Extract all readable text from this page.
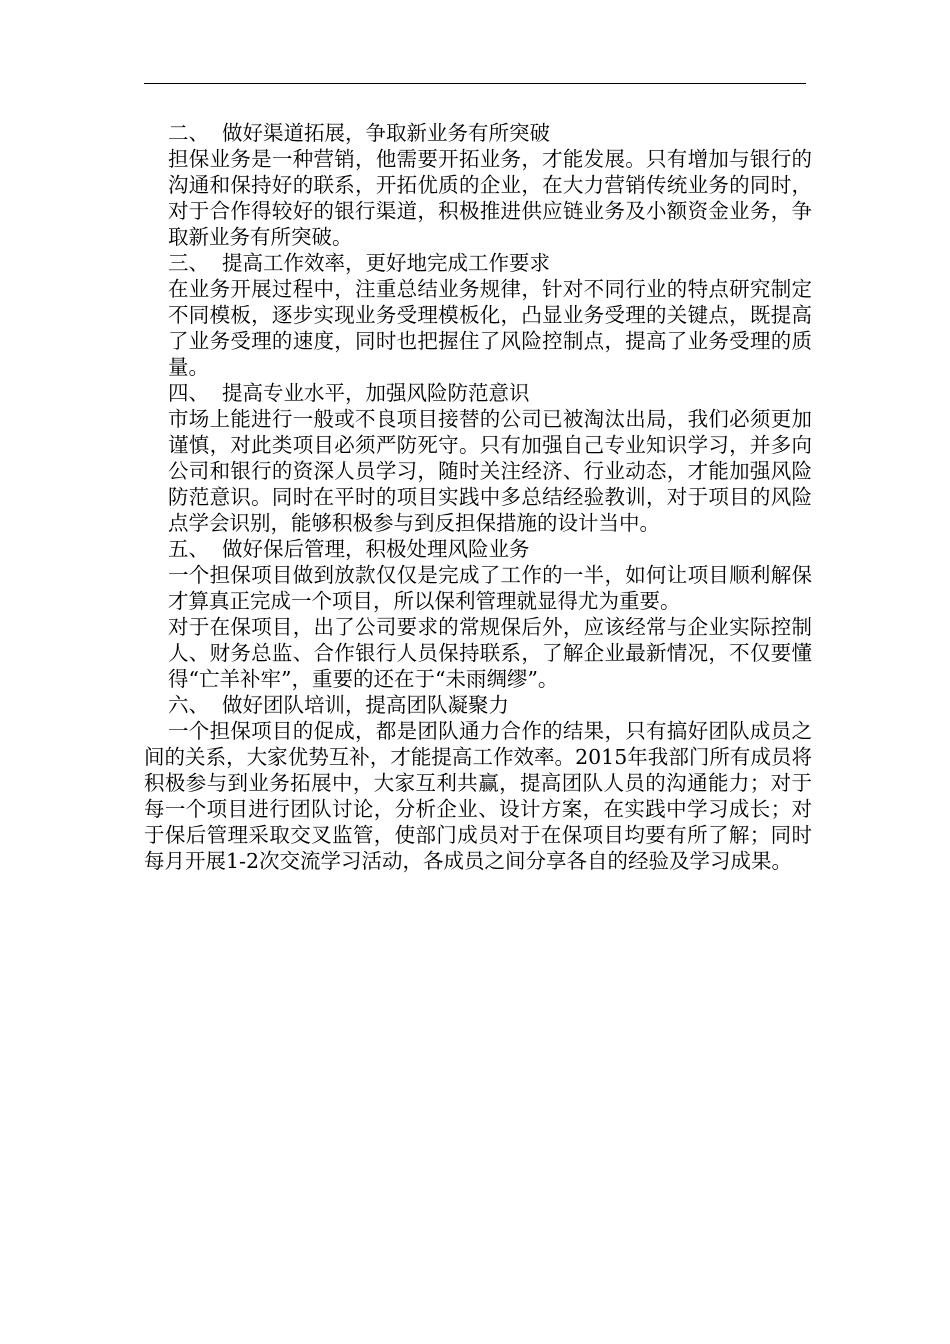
二、  做好渠道拓展，争取新业务有所突破

担保业务是一种营销，他需要开拓业务，才能发展。只有增加与银行的沟通和保持好的联系，开拓优质的企业，在大力营销传统业务的同时，对于合作得较好的银行渠道，积极推进供应链业务及小额资金业务，争取新业务有所突破。

三、  提高工作效率，更好地完成工作要求

在业务开展过程中，注重总结业务规律，针对不同行业的特点研究制定不同模板，逐步实现业务受理模板化，凸显业务受理的关键点，既提高了业务受理的速度，同时也把握住了风险控制点，提高了业务受理的质量。

四、  提高专业水平，加强风险防范意识

市场上能进行一般或不良项目接替的公司已被淘汰出局，我们必须更加谨慎，对此类项目必须严防死守。只有加强自己专业知识学习，并多向公司和银行的资深人员学习，随时关注经济、行业动态，才能加强风险防范意识。同时在平时的项目实践中多总结经验教训，对于项目的风险点学会识别，能够积极参与到反担保措施的设计当中。

五、  做好保后管理，积极处理风险业务

一个担保项目做到放款仅仅是完成了工作的一半，如何让项目顺利解保才算真正完成一个项目，所以保利管理就显得尤为重要。

对于在保项目，出了公司要求的常规保后外，应该经常与企业实际控制人、财务总监、合作银行人员保持联系，了解企业最新情况，不仅要懂得“亡羊补牢”，重要的还在于“未雨绸缪”。

六、  做好团队培训，提高团队凝聚力

一个担保项目的促成，都是团队通力合作的结果，只有搞好团队成员之间的关系，大家优势互补，才能提高工作效率。2015年我部门所有成员将积极参与到业务拓展中，大家互利共赢，提高团队人员的沟通能力；对于每一个项目进行团队讨论，分析企业、设计方案，在实践中学习成长；对于保后管理采取交叉监管，使部门成员对于在保项目均要有所了解；同时每月开展1-2次交流学习活动，各成员之间分享各自的经验及学习成果。
